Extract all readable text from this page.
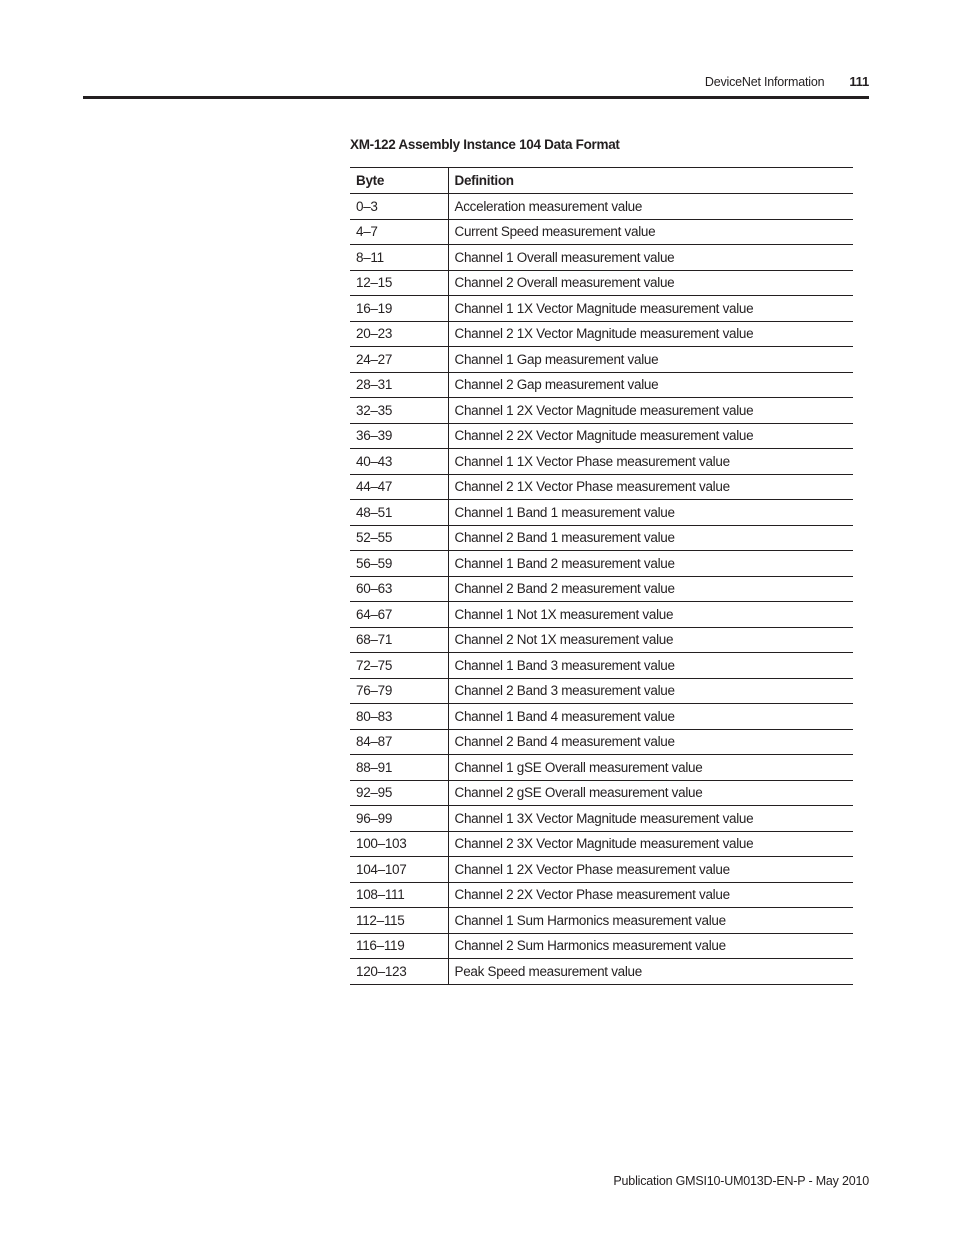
DeviceNet Information 111
XM-122 Assembly Instance 104 Data Format
Byte	Definition
0–3	Acceleration measurement value
4–7	Current Speed measurement value
8–11	Channel 1 Overall measurement value
12–15	Channel 2 Overall measurement value
16–19	Channel 1 1X Vector Magnitude measurement value
20–23	Channel 2 1X Vector Magnitude measurement value
24–27	Channel 1 Gap measurement value
28–31	Channel 2 Gap measurement value
32–35	Channel 1 2X Vector Magnitude measurement value
36–39	Channel 2 2X Vector Magnitude measurement value
40–43	Channel 1 1X Vector Phase measurement value
44–47	Channel 2 1X Vector Phase measurement value
48–51	Channel 1 Band 1 measurement value
52–55	Channel 2 Band 1 measurement value
56–59	Channel 1 Band 2 measurement value
60–63	Channel 2 Band 2 measurement value
64–67	Channel 1 Not 1X measurement value
68–71	Channel 2 Not 1X measurement value
72–75	Channel 1 Band 3 measurement value
76–79	Channel 2 Band 3 measurement value
80–83	Channel 1 Band 4 measurement value
84–87	Channel 2 Band 4 measurement value
88–91	Channel 1 gSE Overall measurement value
92–95	Channel 2 gSE Overall measurement value
96–99	Channel 1 3X Vector Magnitude measurement value
100–103	Channel 2 3X Vector Magnitude measurement value
104–107	Channel 1 2X Vector Phase measurement value
108–111	Channel 2 2X Vector Phase measurement value
112–115	Channel 1 Sum Harmonics measurement value
116–119	Channel 2 Sum Harmonics measurement value
120–123	Peak Speed measurement value
Publication GMSI10-UM013D-EN-P - May 2010
